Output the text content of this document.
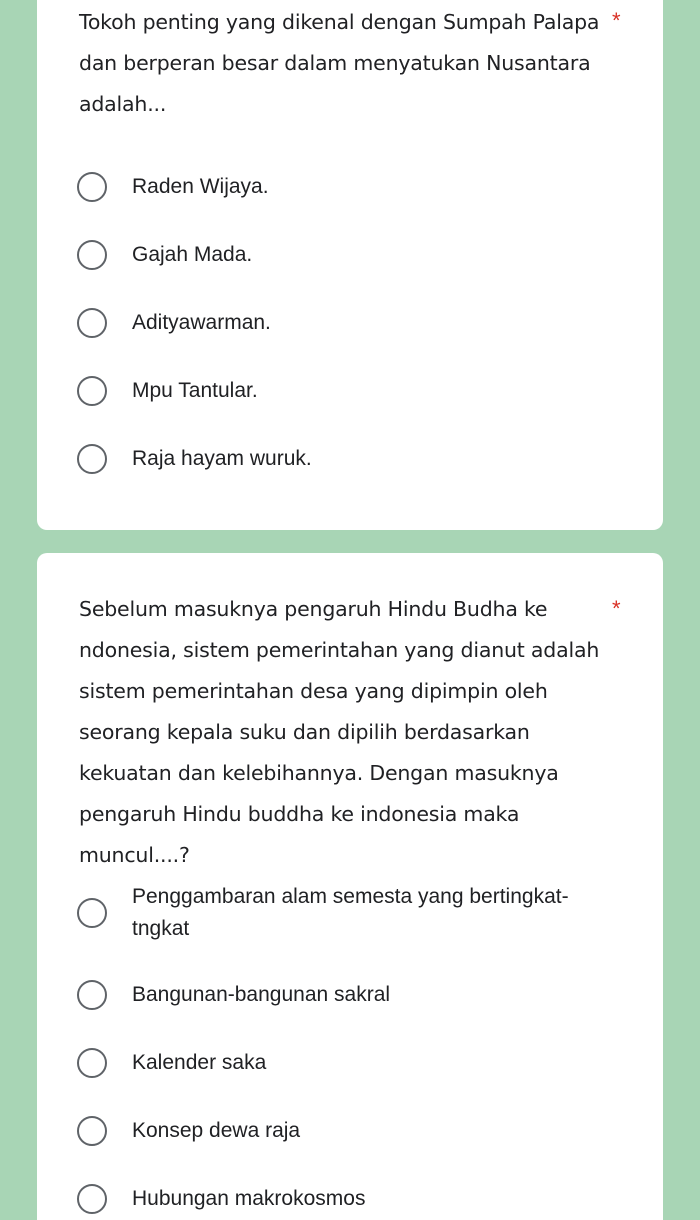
Tokoh penting yang dikenal dengan Sumpah Palapa dan berperan besar dalam menyatukan Nusantara adalah...
*
Raden Wijaya.
Gajah Mada.
Adityawarman.
Mpu Tantular.
Raja hayam wuruk.
Sebelum masuknya pengaruh Hindu Budha ke ndonesia, sistem pemerintahan yang dianut adalah sistem pemerintahan desa yang dipimpin oleh seorang kepala suku dan dipilih berdasarkan kekuatan dan kelebihannya. Dengan masuknya pengaruh Hindu buddha ke indonesia maka muncul....?
*
Penggambaran alam semesta yang bertingkat-tngkat
Bangunan-bangunan sakral
Kalender saka
Konsep dewa raja
Hubungan makrokosmos
